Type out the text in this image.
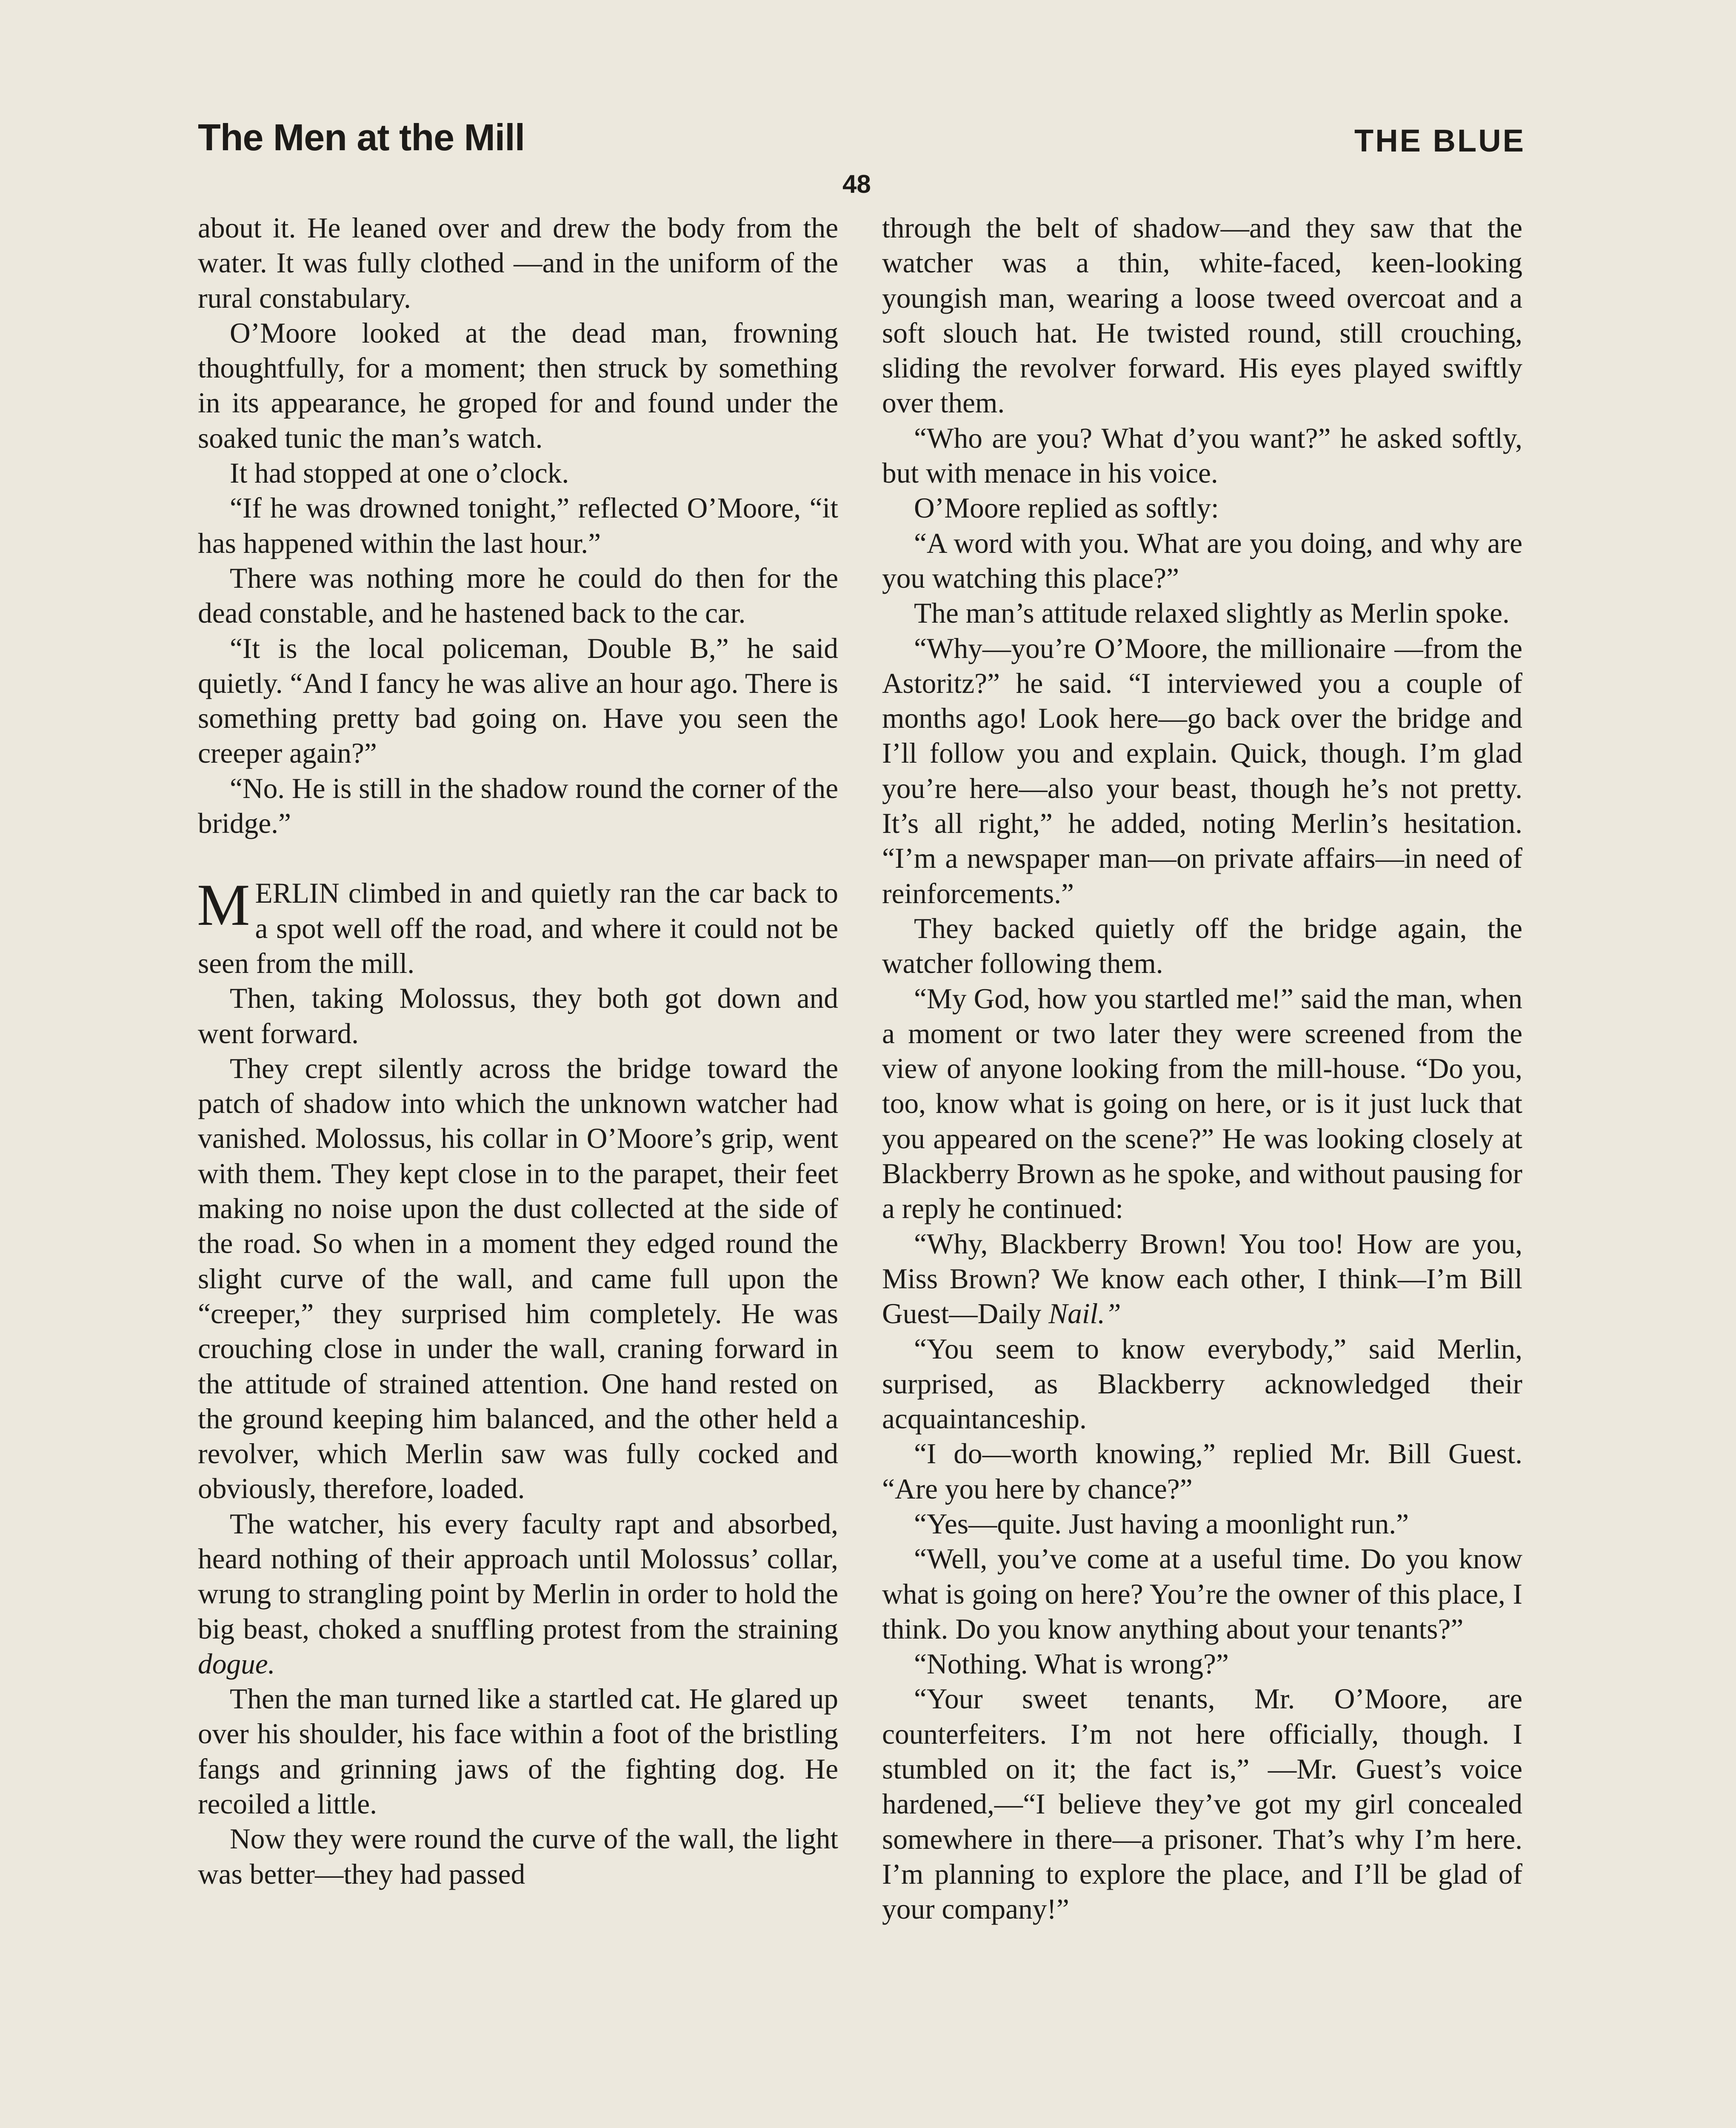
The Men at the Mill	THE BLUE
48

about it. He leaned over and drew the body from the water. It was fully clothed —and in the uniform of the rural constabulary.

O’Moore looked at the dead man, frowning thoughtfully, for a moment; then struck by something in its appearance, he groped for and found under the soaked tunic the man’s watch.

It had stopped at one o’clock.

“If he was drowned tonight,” reflected O’Moore, “it has happened within the last hour.”

There was nothing more he could do then for the dead constable, and he hastened back to the car.

“It is the local policeman, Double B,” he said quietly. “And I fancy he was alive an hour ago. There is something pretty bad going on. Have you seen the creeper again?”

“No. He is still in the shadow round the corner of the bridge.”

MERLIN climbed in and quietly ran the car back to a spot well off the road, and where it could not be seen from the mill.

Then, taking Molossus, they both got down and went forward.

They crept silently across the bridge toward the patch of shadow into which the unknown watcher had vanished. Molossus, his collar in O’Moore’s grip, went with them. They kept close in to the parapet, their feet making no noise upon the dust collected at the side of the road. So when in a moment they edged round the slight curve of the wall, and came full upon the “creeper,” they surprised him completely. He was crouching close in under the wall, craning forward in the attitude of strained attention. One hand rested on the ground keeping him balanced, and the other held a revolver, which Merlin saw was fully cocked and obviously, therefore, loaded.

The watcher, his every faculty rapt and absorbed, heard nothing of their approach until Molossus’ collar, wrung to strangling point by Merlin in order to hold the big beast, choked a snuffling protest from the straining dogue.

Then the man turned like a startled cat. He glared up over his shoulder, his face within a foot of the bristling fangs and grinning jaws of the fighting dog. He recoiled a little.

Now they were round the curve of the wall, the light was better—they had passed

through the belt of shadow—and they saw that the watcher was a thin, white-faced, keen-looking youngish man, wearing a loose tweed overcoat and a soft slouch hat. He twisted round, still crouching, sliding the revolver forward. His eyes played swiftly over them.

“Who are you? What d’you want?” he asked softly, but with menace in his voice.

O’Moore replied as softly:

“A word with you. What are you doing, and why are you watching this place?”

The man’s attitude relaxed slightly as Merlin spoke.

“Why—you’re O’Moore, the millionaire —from the Astoritz?” he said. “I interviewed you a couple of months ago! Look here—go back over the bridge and I’ll follow you and explain. Quick, though. I’m glad you’re here—also your beast, though he’s not pretty. It’s all right,” he added, noting Merlin’s hesitation. “I’m a newspaper man—on private affairs—in need of reinforcements.”

They backed quietly off the bridge again, the watcher following them.

“My God, how you startled me!” said the man, when a moment or two later they were screened from the view of anyone looking from the mill-house. “Do you, too, know what is going on here, or is it just luck that you appeared on the scene?” He was looking closely at Blackberry Brown as he spoke, and without pausing for a reply he continued:

“Why, Blackberry Brown! You too! How are you, Miss Brown? We know each other, I think—I’m Bill Guest—Daily Nail.”

“You seem to know everybody,” said Merlin, surprised, as Blackberry acknowledged their acquaintanceship.

“I do—worth knowing,” replied Mr. Bill Guest. “Are you here by chance?”

“Yes—quite. Just having a moonlight run.”

“Well, you’ve come at a useful time. Do you know what is going on here? You’re the owner of this place, I think. Do you know anything about your tenants?”

“Nothing. What is wrong?”

“Your sweet tenants, Mr. O’Moore, are counterfeiters. I’m not here officially, though. I stumbled on it; the fact is,” —Mr. Guest’s voice hardened,—“I believe they’ve got my girl concealed somewhere in there—a prisoner. That’s why I’m here. I’m planning to explore the place, and I’ll be glad of your company!”
